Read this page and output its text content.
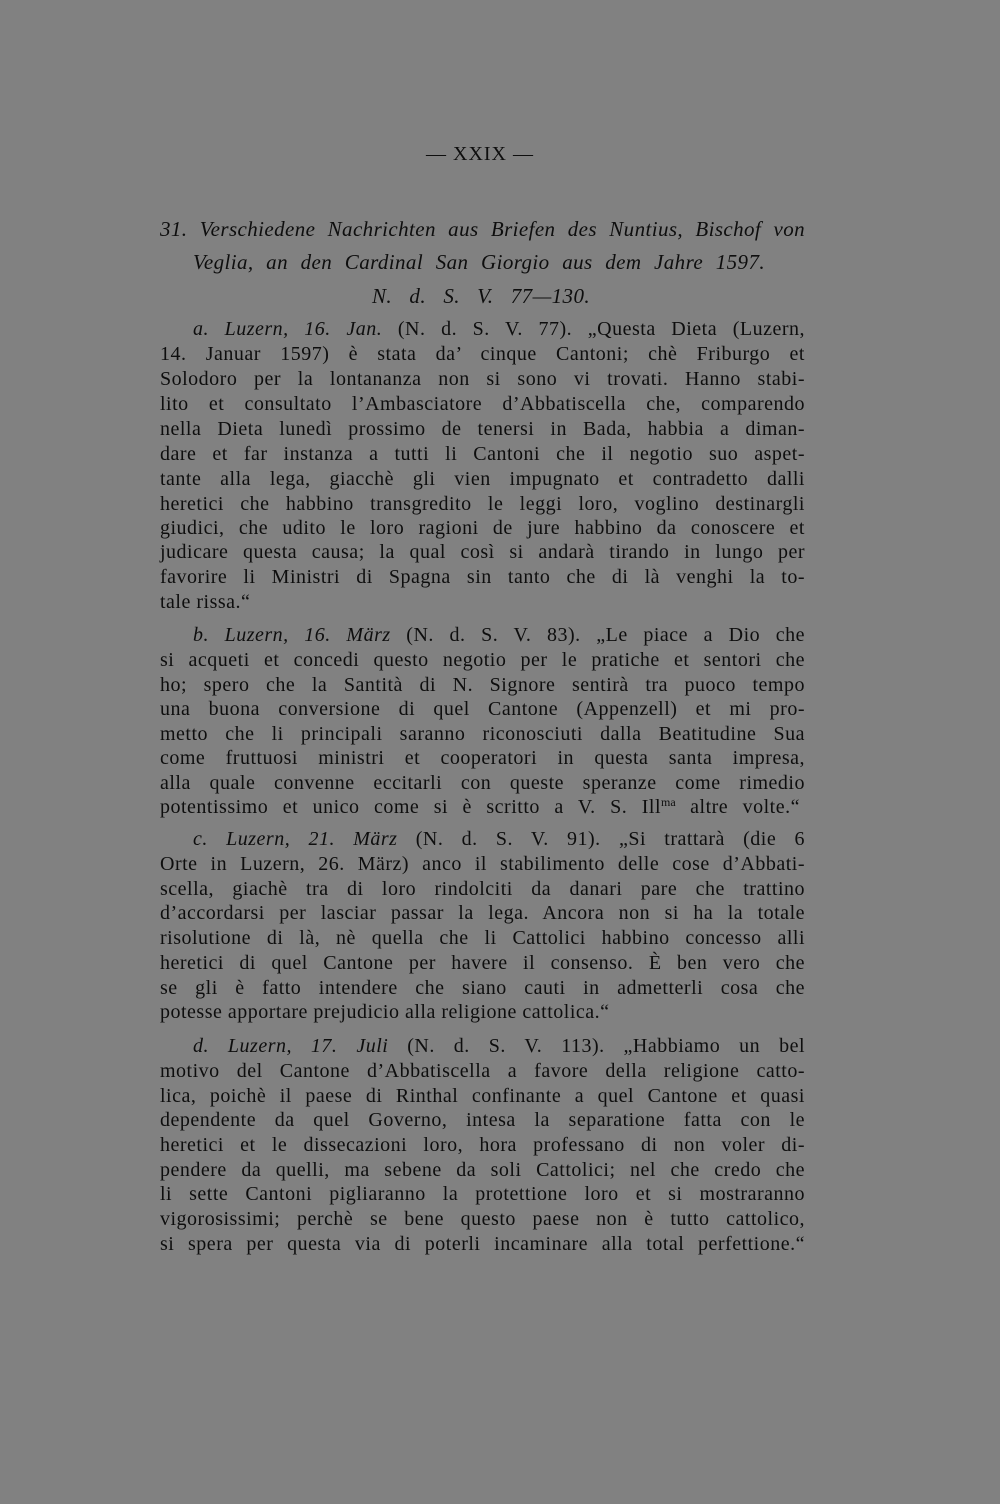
— XXIX —
31. Verschiedene Nachrichten aus Briefen des Nuntius, Bischof von
Veglia, an den Cardinal San Giorgio aus dem Jahre 1597.
N. d. S. V. 77—130.
a. Luzern, 16. Jan. (N. d. S. V. 77). „Questa Dieta (Luzern,
14. Januar 1597) è stata da’ cinque Cantoni; chè Friburgo et
Solodoro per la lontananza non si sono vi trovati. Hanno stabi-
lito et consultato l’Ambasciatore d’Abbatiscella che, comparendo
nella Dieta lunedì prossimo de tenersi in Bada, habbia a diman-
dare et far instanza a tutti li Cantoni che il negotio suo aspet-
tante alla lega, giacchè gli vien impugnato et contradetto dalli
heretici che habbino transgredito le leggi loro, voglino destinargli
giudici, che udito le loro ragioni de jure habbino da conoscere et
judicare questa causa; la qual così si andarà tirando in lungo per
favorire li Ministri di Spagna sin tanto che di là venghi la to-
tale rissa.“
b. Luzern, 16. März (N. d. S. V. 83). „Le piace a Dio che
si acqueti et concedi questo negotio per le pratiche et sentori che
ho; spero che la Santità di N. Signore sentirà tra puoco tempo
una buona conversione di quel Cantone (Appenzell) et mi pro-
metto che li principali saranno riconosciuti dalla Beatitudine Sua
come fruttuosi ministri et cooperatori in questa santa impresa,
alla quale convenne eccitarli con queste speranze come rimedio
potentissimo et unico come si è scritto a V. S. Ill$^{ma}$ altre volte.“
c. Luzern, 21. März (N. d. S. V. 91). „Si trattarà (die 6
Orte in Luzern, 26. März) anco il stabilimento delle cose d’Abbati-
scella, giachè tra di loro rindolciti da danari pare che trattino
d’accordarsi per lasciar passar la lega. Ancora non si ha la totale
risolutione di là, nè quella che li Cattolici habbino concesso alli
heretici di quel Cantone per havere il consenso. È ben vero che
se gli è fatto intendere che siano cauti in admetterli cosa che
potesse apportare prejudicio alla religione cattolica.“
d. Luzern, 17. Juli (N. d. S. V. 113). „Habbiamo un bel
motivo del Cantone d’Abbatiscella a favore della religione catto-
lica, poichè il paese di Rinthal confinante a quel Cantone et quasi
dependente da quel Governo, intesa la separatione fatta con le
heretici et le dissecazioni loro, hora professano di non voler di-
pendere da quelli, ma sebene da soli Cattolici; nel che credo che
li sette Cantoni pigliaranno la protettione loro et si mostraranno
vigorosissimi; perchè se bene questo paese non è tutto cattolico,
si spera per questa via di poterli incaminare alla total perfettione.“
